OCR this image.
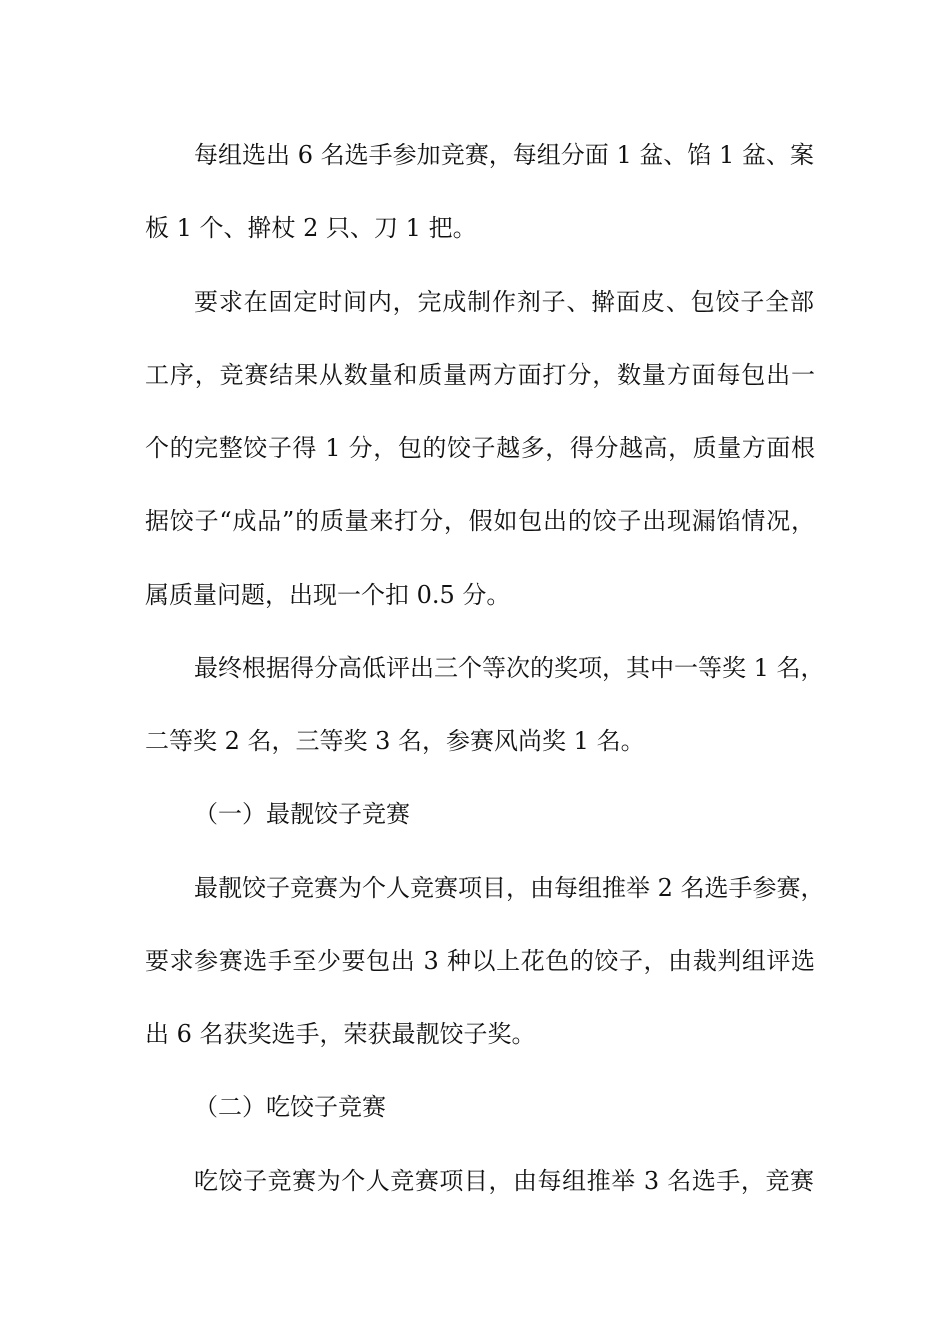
每组选出 6 名选手参加竞赛，每组分面 1 盆、馅 1 盆、案
板 1 个、擀杖 2 只、刀 1 把。
要求在固定时间内，完成制作剂子、擀面皮、包饺子全部
工序，竞赛结果从数量和质量两方面打分，数量方面每包出一
个的完整饺子得 1 分，包的饺子越多，得分越高，质量方面根
据饺子“成品”的质量来打分，假如包出的饺子出现漏馅情况，
属质量问题，出现一个扣 0.5 分。
最终根据得分高低评出三个等次的奖项，其中一等奖 1 名，
二等奖 2 名，三等奖 3 名，参赛风尚奖 1 名。
（一）最靓饺子竞赛
最靓饺子竞赛为个人竞赛项目，由每组推举 2 名选手参赛，
要求参赛选手至少要包出 3 种以上花色的饺子，由裁判组评选
出 6 名获奖选手，荣获最靓饺子奖。
（二）吃饺子竞赛
吃饺子竞赛为个人竞赛项目，由每组推举 3 名选手，竞赛
